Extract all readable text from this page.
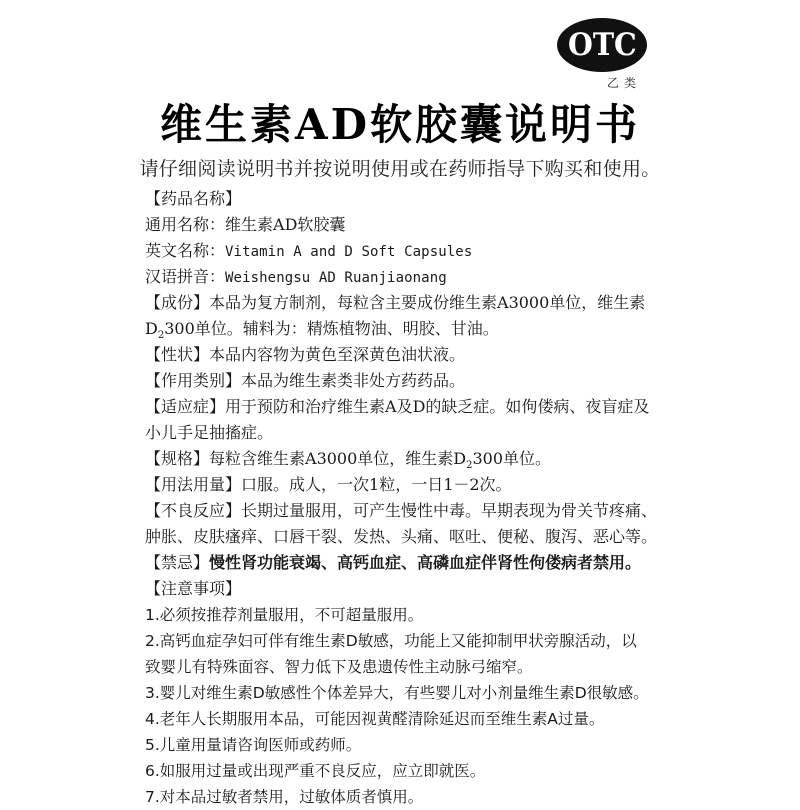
OTC
乙类
维生素AD软胶囊说明书
请仔细阅读说明书并按说明使用或在药师指导下购买和使用。
【药品名称】
通用名称：维生素AD软胶囊
英文名称：Vitamin A and D Soft Capsules
汉语拼音：Weishengsu AD Ruanjiaonang
【成份】本品为复方制剂，每粒含主要成份维生素A3000单位，维生素
$D_2300$单位。辅料为：精炼植物油、明胶、甘油。
【性状】本品内容物为黄色至深黄色油状液。
【作用类别】本品为维生素类非处方药药品。
【适应症】用于预防和治疗维生素A及D的缺乏症。如佝偻病、夜盲症及
小儿手足抽搐症。
【规格】每粒含维生素A3000单位，维生素$D_2300$单位。
【用法用量】口服。成人，一次1粒，一日1－2次。
【不良反应】长期过量服用，可产生慢性中毒。早期表现为骨关节疼痛、
肿胀、皮肤瘙痒、口唇干裂、发热、头痛、呕吐、便秘、腹泻、恶心等。
【禁忌】慢性肾功能衰竭、高钙血症、高磷血症伴肾性佝偻病者禁用。
【注意事项】
1.必须按推荐剂量服用，不可超量服用。
2.高钙血症孕妇可伴有维生素D敏感，功能上又能抑制甲状旁腺活动，以
致婴儿有特殊面容、智力低下及患遗传性主动脉弓缩窄。
3.婴儿对维生素D敏感性个体差异大，有些婴儿对小剂量维生素D很敏感。
4.老年人长期服用本品，可能因视黄醛清除延迟而至维生素A过量。
5.儿童用量请咨询医师或药师。
6.如服用过量或出现严重不良反应，应立即就医。
7.对本品过敏者禁用，过敏体质者慎用。
